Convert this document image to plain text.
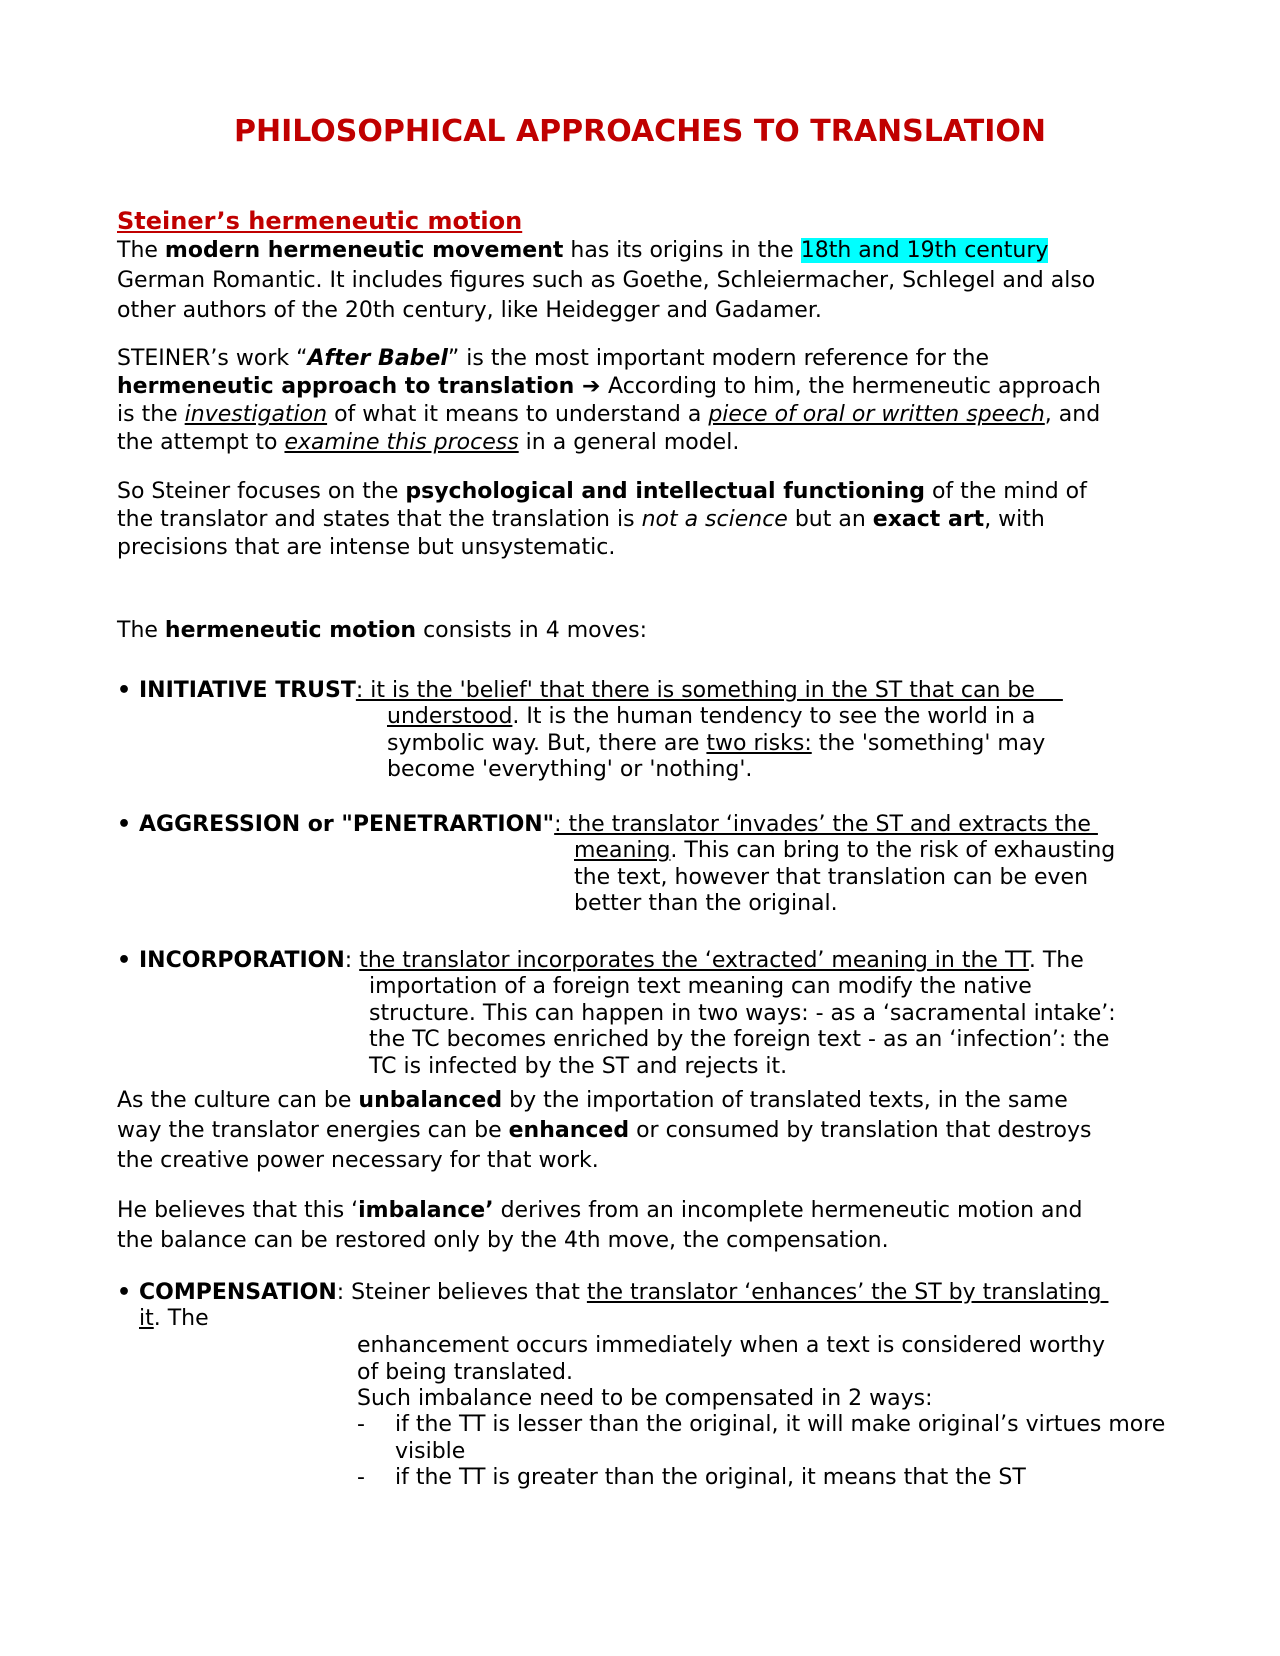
PHILOSOPHICAL APPROACHES TO TRANSLATION
Steiner’s hermeneutic motion
The modern hermeneutic movement has its origins in the 18th and 19th century
German Romantic. It includes figures such as Goethe, Schleiermacher, Schlegel and also
other authors of the 20th century, like Heidegger and Gadamer.
STEINER’s work “After Babel” is the most important modern reference for the
hermeneutic approach to translation ➔ According to him, the hermeneutic approach
is the investigation of what it means to understand a piece of oral or written speech, and
the attempt to examine this process in a general model.
So Steiner focuses on the psychological and intellectual functioning of the mind of
the translator and states that the translation is not a science but an exact art, with
precisions that are intense but unsystematic.
The hermeneutic motion consists in 4 moves:
• INITIATIVE TRUST: it is the 'belief' that there is something in the ST that can be
understood. It is the human tendency to see the world in a
symbolic way. But, there are two risks: the 'something' may
become 'everything' or 'nothing'.
• AGGRESSION or "PENETRARTION": the translator ‘invades’ the ST and extracts the
meaning. This can bring to the risk of exhausting
the text, however that translation can be even
better than the original.
• INCORPORATION: the translator incorporates the ‘extracted’ meaning in the TT. The
importation of a foreign text meaning can modify the native
structure. This can happen in two ways: - as a ‘sacramental intake’:
the TC becomes enriched by the foreign text - as an ‘infection’: the
TC is infected by the ST and rejects it.
As the culture can be unbalanced by the importation of translated texts, in the same
way the translator energies can be enhanced or consumed by translation that destroys
the creative power necessary for that work.
He believes that this ‘imbalance’ derives from an incomplete hermeneutic motion and
the balance can be restored only by the 4th move, the compensation.
• COMPENSATION: Steiner believes that the translator ‘enhances’ the ST by translating
it. The
enhancement occurs immediately when a text is considered worthy
of being translated.
Such imbalance need to be compensated in 2 ways:
- if the TT is lesser than the original, it will make original’s virtues more
visible
- if the TT is greater than the original, it means that the ST
